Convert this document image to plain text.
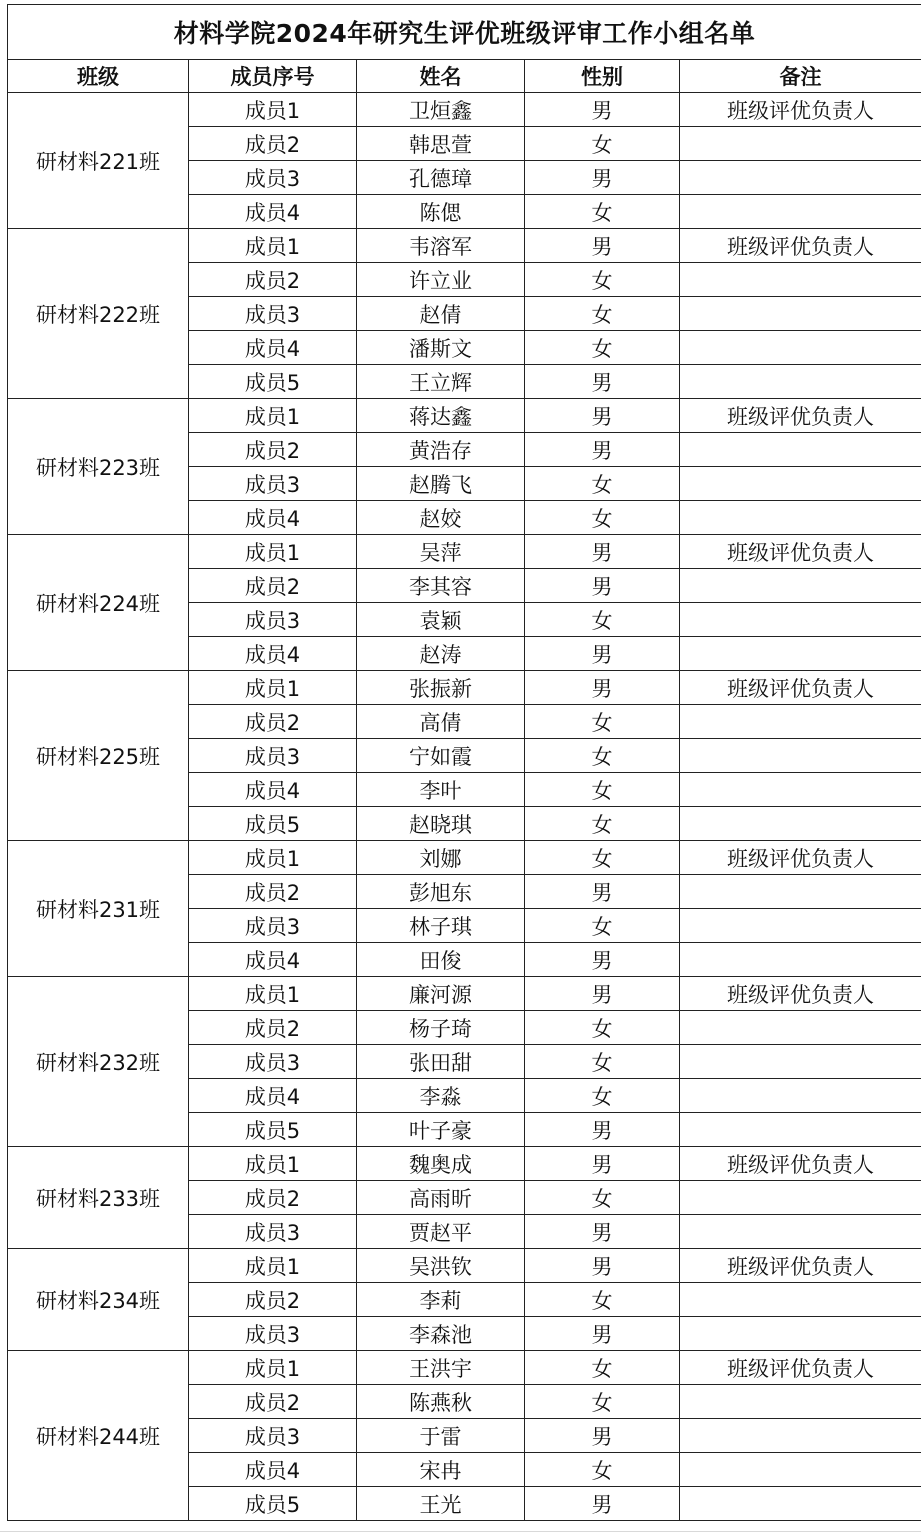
材料学院2024年研究生评优班级评审工作小组名单				
班级	成员序号	姓名	性别	备注
研材料221班	成员1	卫烜鑫	男	班级评优负责人
	成员2	韩思萱	女	
	成员3	孔德璋	男	
	成员4	陈偲	女	
研材料222班	成员1	韦溶军	男	班级评优负责人
	成员2	许立业	女	
	成员3	赵倩	女	
	成员4	潘斯文	女	
	成员5	王立辉	男	
研材料223班	成员1	蒋达鑫	男	班级评优负责人
	成员2	黄浩存	男	
	成员3	赵腾飞	女	
	成员4	赵姣	女	
研材料224班	成员1	吴萍	男	班级评优负责人
	成员2	李其容	男	
	成员3	袁颖	女	
	成员4	赵涛	男	
研材料225班	成员1	张振新	男	班级评优负责人
	成员2	高倩	女	
	成员3	宁如霞	女	
	成员4	李叶	女	
	成员5	赵晓琪	女	
研材料231班	成员1	刘娜	女	班级评优负责人
	成员2	彭旭东	男	
	成员3	林子琪	女	
	成员4	田俊	男	
研材料232班	成员1	廉河源	男	班级评优负责人
	成员2	杨子琦	女	
	成员3	张田甜	女	
	成员4	李淼	女	
	成员5	叶子豪	男	
研材料233班	成员1	魏奥成	男	班级评优负责人
	成员2	高雨昕	女	
	成员3	贾赵平	男	
研材料234班	成员1	吴洪钦	男	班级评优负责人
	成员2	李莉	女	
	成员3	李森池	男	
研材料244班	成员1	王洪宇	女	班级评优负责人
	成员2	陈燕秋	女	
	成员3	于雷	男	
	成员4	宋冉	女	
	成员5	王光	男	
